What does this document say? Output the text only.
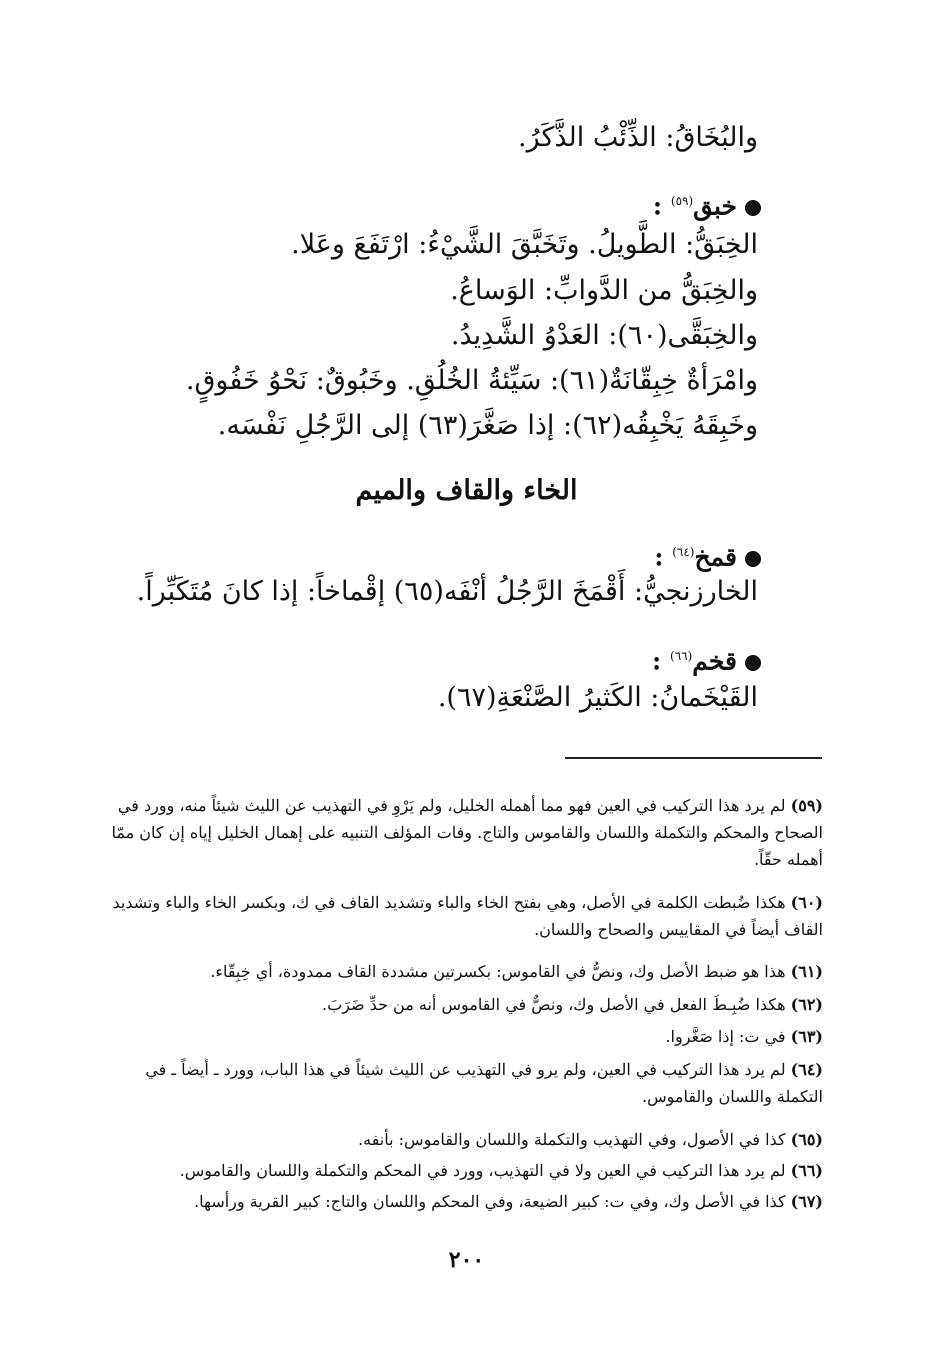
والبُخَاقُ: الذِّئْبُ الذَّكَرُ.
خبق$^{(٥٩)}$ :
الخِبَقُّ: الطَّويلُ. وتَخَبَّقَ الشَّيْءُ: ارْتَفَعَ وعَلا.
والخِبَقُّ من الدَّوابِّ: الوَساعُ.
والخِبَقَّى(٦٠): العَدْوُ الشَّدِيدُ.
وامْرَأةٌ خِبِقّانَةٌ(٦١): سَيِّئةُ الخُلُقِ. وخَبُوقٌ: نَحْوُ خَفُوقٍ.
وخَبِقَهُ يَخْبِقُه(٦٢): إذا صَغَّرَ(٦٣) إلى الرَّجُلِ نَفْسَه.
الخاء والقاف والميم
قمخ$^{(٦٤)}$ :
الخارزنجيُّ: أَقْمَخَ الرَّجُلُ أنْفَه(٦٥) إقْماخاً: إذا كانَ مُتَكَبِّراً.
قخم$^{(٦٦)}$ :
القَيْخَمانُ: الكَثيرُ الصَّنْعَةِ(٦٧).
(٥٩) لم يرد هذا التركيب في العين فهو مما أهمله الخليل، ولم يَرْوِ في التهذيب عن الليث شيئاً منه، وورد في الصحاح والمحكم والتكملة واللسان والقاموس والتاج. وفات المؤلف التنبيه على إهمال الخليل إياه إن كان ممّا أهمله حقّاً.
(٦٠) هكذا ضُبطت الكلمة في الأصل، وهي بفتح الخاء والباء وتشديد القاف في ك، وبكسر الخاء والباء وتشديد القاف أيضاً في المقاييس والصحاح واللسان.
(٦١) هذا هو ضبط الأصل وك، ونصُّ في القاموس: بكسرتين مشددة القاف ممدودة، أي خِبِقّاء.
(٦٢) هكذا ضُبِـطَ الفعل في الأصل وك، ونصٌّ في القاموس أنه من حدِّ ضَرَبَ.
(٦٣) في ت: إذا صَغَّروا.
(٦٤) لم يرد هذا التركيب في العين، ولم يرو في التهذيب عن الليث شيئاً في هذا الباب، وورد ـ أيضاً ـ في التكملة واللسان والقاموس.
(٦٥) كذا في الأصول، وفي التهذيب والتكملة واللسان والقاموس: بأنفه.
(٦٦) لم يرد هذا التركيب في العين ولا في التهذيب، وورد في المحكم والتكملة واللسان والقاموس.
(٦٧) كذا في الأصل وك، وفي ت: كبير الضيعة، وفي المحكم واللسان والتاج: كبير القرية ورأسها.
٢٠٠
